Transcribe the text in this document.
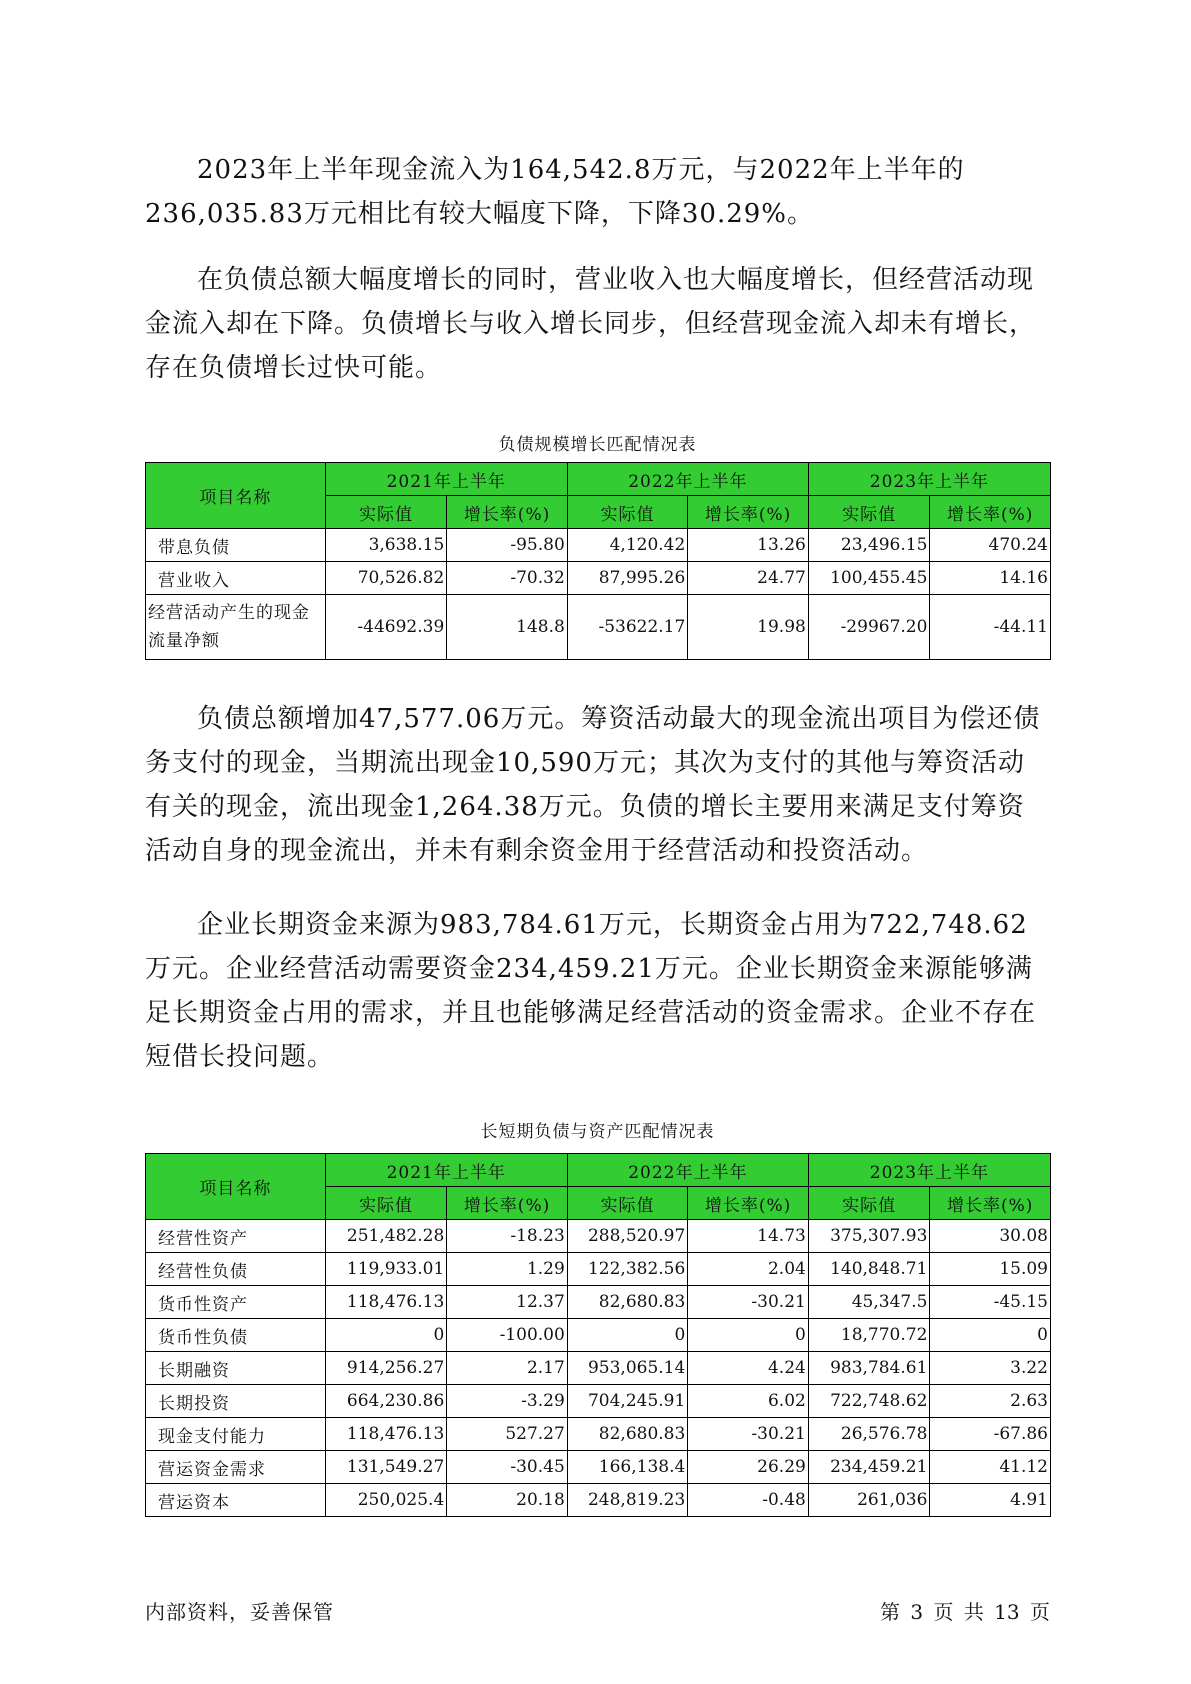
2023年上半年现金流入为164,542.8万元，与2022年上半年的236,035.83万元相比有较大幅度下降，下降30.29%。

在负债总额大幅度增长的同时，营业收入也大幅度增长，但经营活动现金流入却在下降。负债增长与收入增长同步，但经营现金流入却未有增长，存在负债增长过快可能。

负债规模增长匹配情况表
项目名称	2021年上半年		2022年上半年		2023年上半年	
	实际值	增长率(%)	实际值	增长率(%)	实际值	增长率(%)
带息负债	3,638.15	-95.80	4,120.42	13.26	23,496.15	470.24
营业收入	70,526.82	-70.32	87,995.26	24.77	100,455.45	14.16
经营活动产生的现金流量净额	-44692.39	148.8	-53622.17	19.98	-29967.20	-44.11

负债总额增加47,577.06万元。筹资活动最大的现金流出项目为偿还债务支付的现金，当期流出现金10,590万元；其次为支付的其他与筹资活动有关的现金，流出现金1,264.38万元。负债的增长主要用来满足支付筹资活动自身的现金流出，并未有剩余资金用于经营活动和投资活动。

企业长期资金来源为983,784.61万元，长期资金占用为722,748.62万元。企业经营活动需要资金234,459.21万元。企业长期资金来源能够满足长期资金占用的需求，并且也能够满足经营活动的资金需求。企业不存在短借长投问题。

长短期负债与资产匹配情况表
项目名称	2021年上半年		2022年上半年		2023年上半年	
	实际值	增长率(%)	实际值	增长率(%)	实际值	增长率(%)
经营性资产	251,482.28	-18.23	288,520.97	14.73	375,307.93	30.08
经营性负债	119,933.01	1.29	122,382.56	2.04	140,848.71	15.09
货币性资产	118,476.13	12.37	82,680.83	-30.21	45,347.5	-45.15
货币性负债	0	-100.00	0	0	18,770.72	0
长期融资	914,256.27	2.17	953,065.14	4.24	983,784.61	3.22
长期投资	664,230.86	-3.29	704,245.91	6.02	722,748.62	2.63
现金支付能力	118,476.13	527.27	82,680.83	-30.21	26,576.78	-67.86
营运资金需求	131,549.27	-30.45	166,138.4	26.29	234,459.21	41.12
营运资本	250,025.4	20.18	248,819.23	-0.48	261,036	4.91
内部资料，妥善保管	第 3 页 共 13 页
